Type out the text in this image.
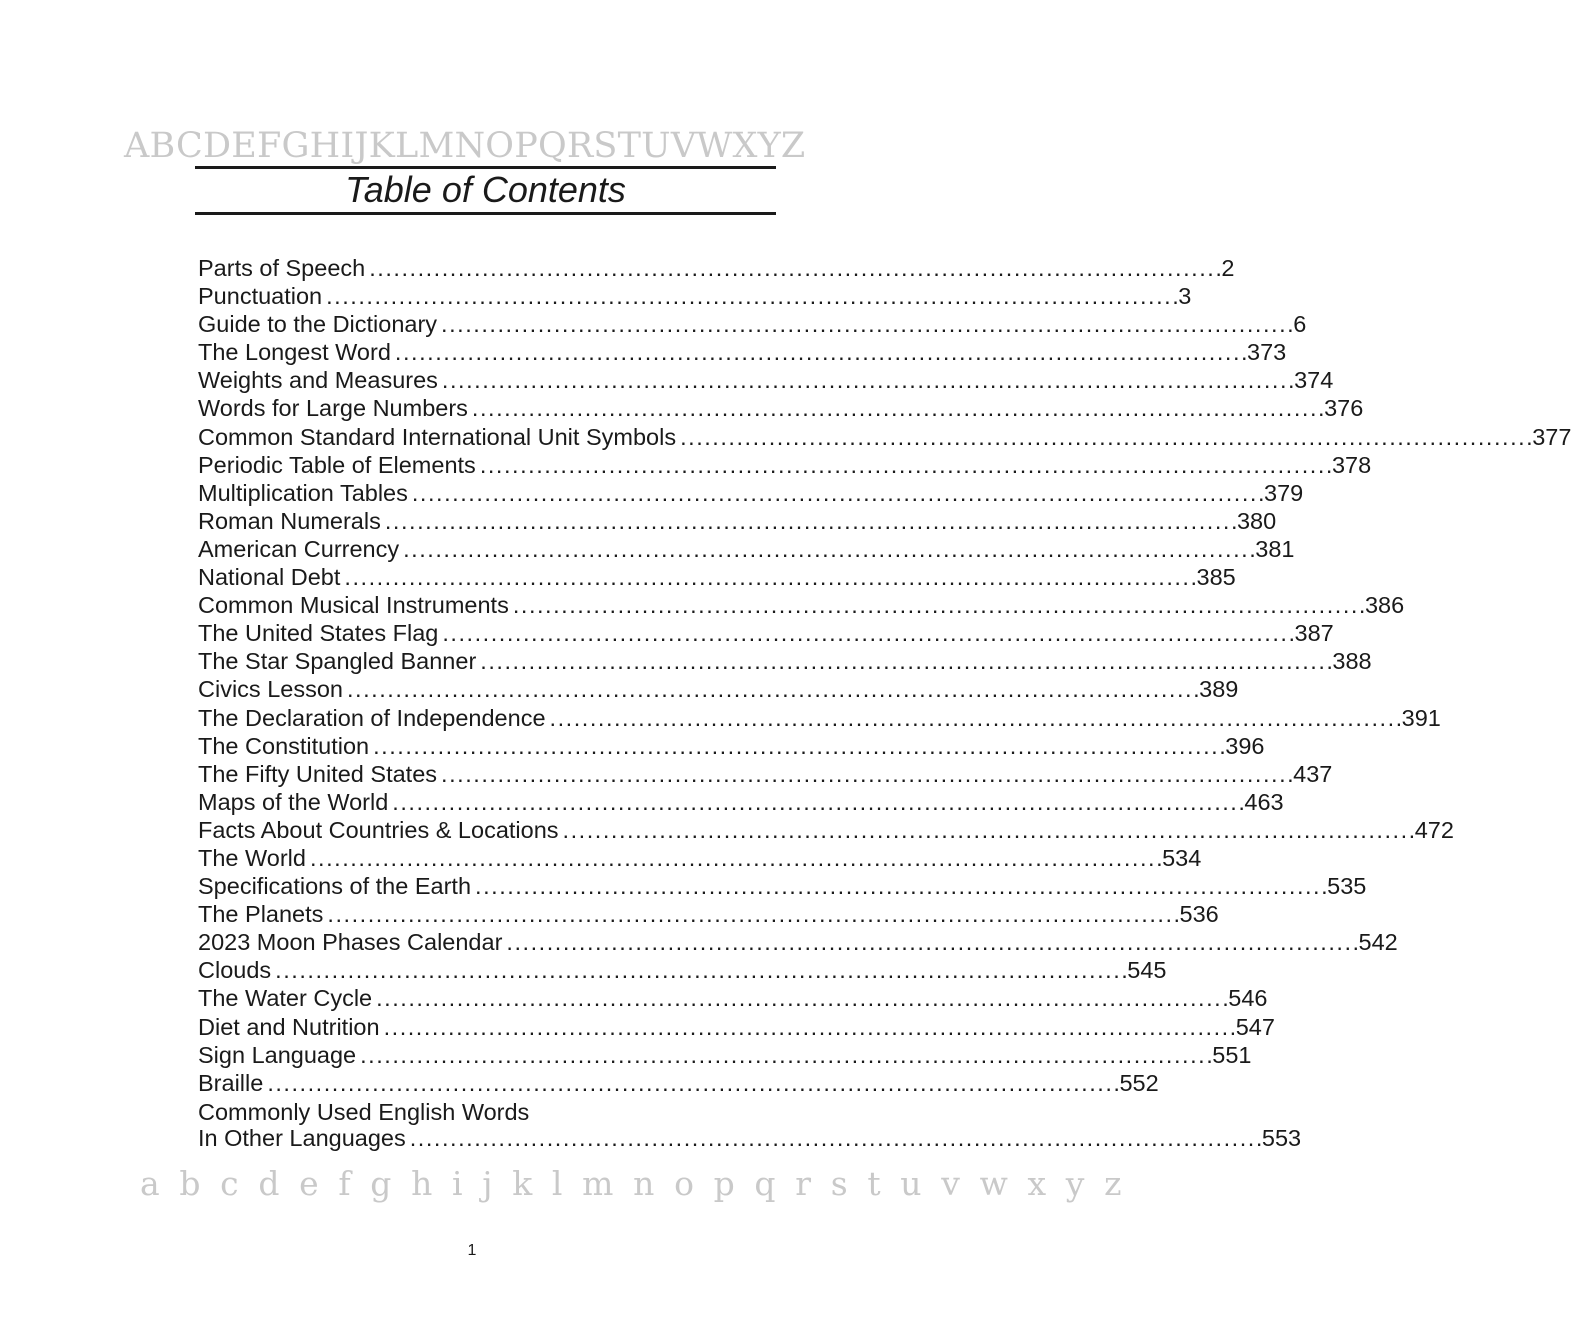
ABCDEFGHIJKLMNOPQRSTUVWXYZ
Table of Contents
Parts of Speech . . .	2
Punctuation . . .	3
Guide to the Dictionary . . .	6
The Longest Word . . .	373
Weights and Measures . . .	374
Words for Large Numbers . . .	376
Common Standard International Unit Symbols . . .	377
Periodic Table of Elements . . .	378
Multiplication Tables . . .	379
Roman Numerals . . .	380
American Currency . . .	381
National Debt . . .	385
Common Musical Instruments . . .	386
The United States Flag . . .	387
The Star Spangled Banner . . .	388
Civics Lesson . . .	389
The Declaration of Independence . . .	391
The Constitution . . .	396
The Fifty United States . . .	437
Maps of the World . . .	463
Facts About Countries & Locations . . .	472
The World . . .	534
Specifications of the Earth . . .	535
The Planets . . .	536
2023 Moon Phases Calendar . . .	542
Clouds . . .	545
The Water Cycle . . .	546
Diet and Nutrition . . .	547
Sign Language . . .	551
Braille . . .	552
Commonly Used English Words
In Other Languages . . .	553
a b c d e f g h i j k l m n o p q r s t u v w x y z
1
